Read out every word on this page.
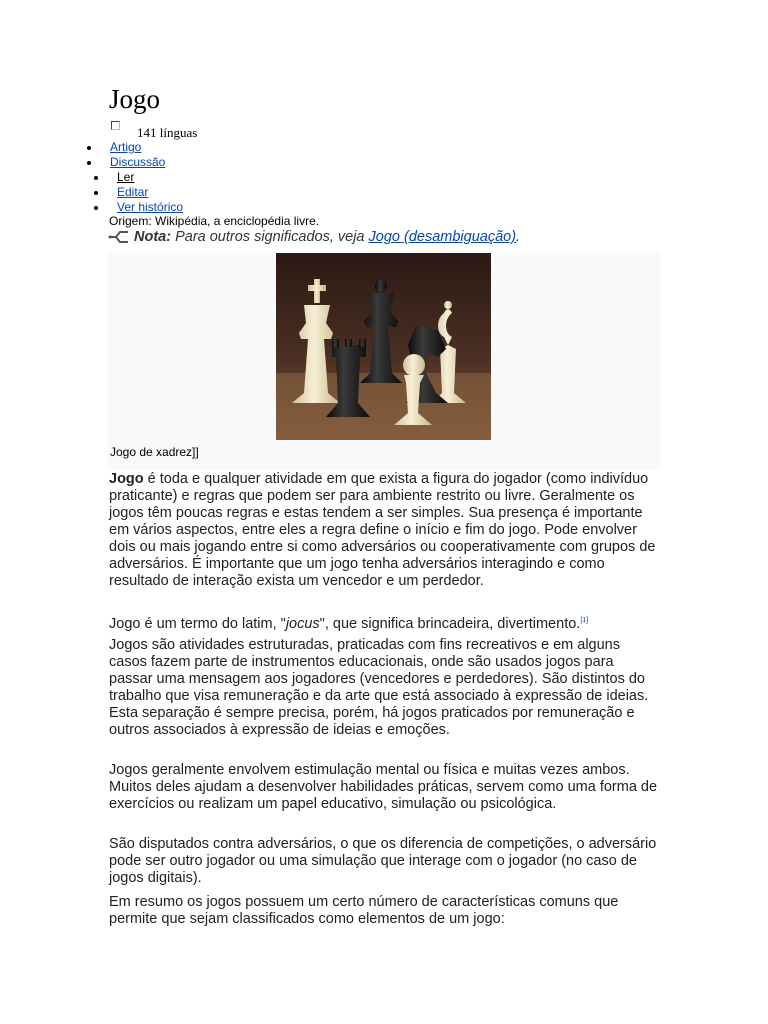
Jogo
141 línguas
Artigo
Discussão
Ler
Editar
Ver histórico
Origem: Wikipédia, a enciclopédia livre.
Nota: Para outros significados, veja Jogo (desambiguação).
Jogo de xadrez]]

Jogo é toda e qualquer atividade em que exista a figura do jogador (como indivíduo praticante) e regras que podem ser para ambiente restrito ou livre. Geralmente os jogos têm poucas regras e estas tendem a ser simples. Sua presença é importante em vários aspectos, entre eles a regra define o início e fim do jogo. Pode envolver dois ou mais jogando entre si como adversários ou cooperativamente com grupos de adversários. É importante que um jogo tenha adversários interagindo e como resultado de interação exista um vencedor e um perdedor.

Jogo é um termo do latim, "jocus", que significa brincadeira, divertimento.[1]

Jogos são atividades estruturadas, praticadas com fins recreativos e em alguns casos fazem parte de instrumentos educacionais, onde são usados jogos para passar uma mensagem aos jogadores (vencedores e perdedores). São distintos do trabalho que visa remuneração e da arte que está associado à expressão de ideias. Esta separação é sempre precisa, porém, há jogos praticados por remuneração e outros associados à expressão de ideias e emoções.

Jogos geralmente envolvem estimulação mental ou física e muitas vezes ambos. Muitos deles ajudam a desenvolver habilidades práticas, servem como uma forma de exercícios ou realizam um papel educativo, simulação ou psicológica.

São disputados contra adversários, o que os diferencia de competições, o adversário pode ser outro jogador ou uma simulação que interage com o jogador (no caso de jogos digitais).

Em resumo os jogos possuem um certo número de características comuns que permite que sejam classificados como elementos de um jogo:
